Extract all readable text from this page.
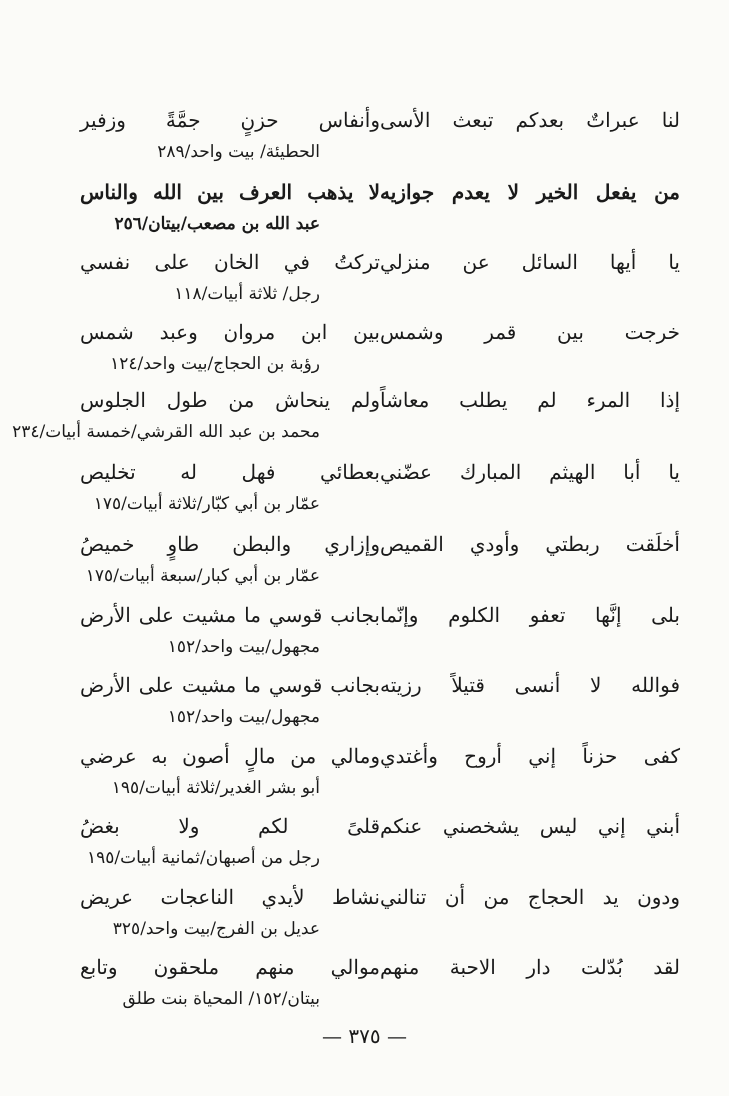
لنا عبراتٌ بعدكم تبعث الأسى
وأنفاس حزنٍ جمَّةً وزفير
الحطيئة/ بيت واحد/٢٨٩
من يفعل الخير لا يعدم جوازيه
لا يذهب العرف بين الله والناس
عبد الله بن مصعب/بيتان/٢٥٦
يا أيها السائل عن منزلي
تركتُ في الخان على نفسي
رجل/ ثلاثة أبيات/١١٨
خرجت بين قمر وشمس
بين ابن مروان وعبد شمس
رؤبة بن الحجاج/بيت واحد/١٢٤
إذا المرء لم يطلب معاشاً
ولم ينحاش من طول الجلوس
محمد بن عبد الله القرشي/خمسة أبيات/٢٣٤
يا أبا الهيثم المبارك عضّني
بعطائي فهل له تخليص
عمّار بن أبي كبّار/ثلاثة أبيات/١٧٥
أخلَقت ربطتي وأودي القميص
وإزاري والبطن طاوٍ خميصُ
عمّار بن أبي كبار/سبعة أبيات/١٧٥
بلى إنَّها تعفو الكلوم وإنّما
بجانب قوسي ما مشيت على الأرض
مجهول/بيت واحد/١٥٢
فوالله لا أنسى قتيلاً رزيته
بجانب قوسي ما مشيت على الأرض
مجهول/بيت واحد/١٥٢
كفى حزناً إني أروح وأغتدي
ومالي من مالٍ أصون به عرضي
أبو بشر الغدير/ثلاثة أبيات/١٩٥
أبني إني ليس يشخصني عنكم
قلىً لكم ولا بغضُ
رجل من أصبهان/ثمانية أبيات/١٩٥
ودون يد الحجاج من أن تنالني
نشاط لأيدي الناعجات عريض
عديل بن الفرج/بيت واحد/٣٢٥
لقد بُدّلت دار الاحبة منهم
موالي منهم ملحقون وتابع
بيتان/١٥٢/ المحياة بنت طلق
— ٣٧٥ —
